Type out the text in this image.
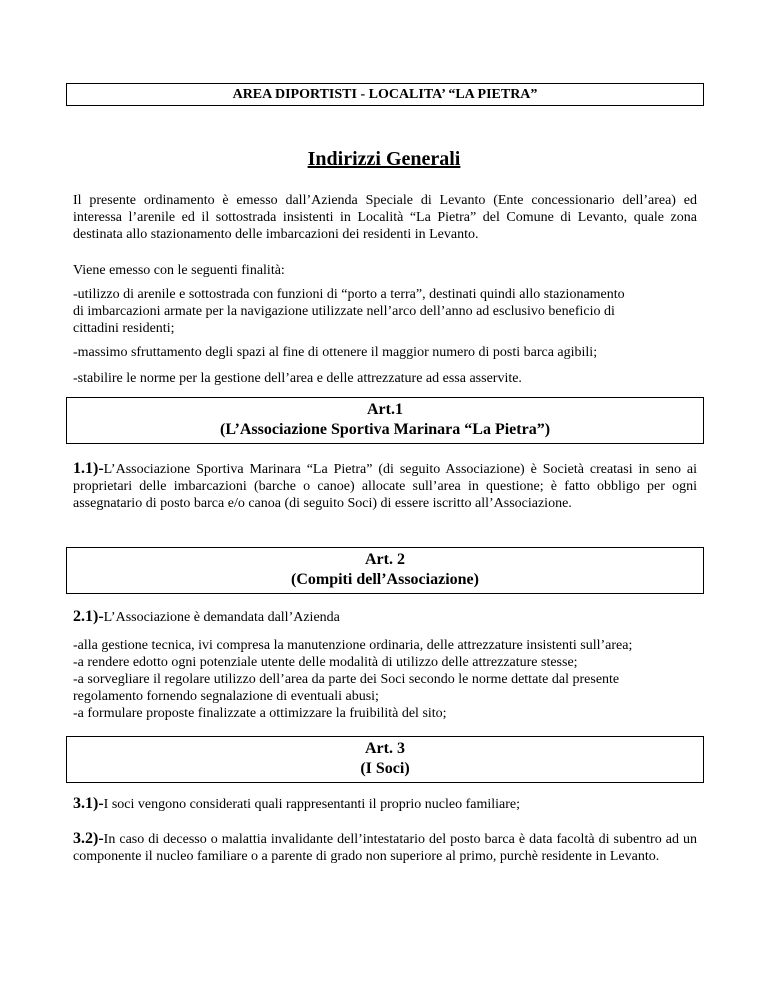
AREA DIPORTISTI - LOCALITA’ “LA PIETRA”
Indirizzi Generali

Il presente ordinamento è emesso dall’Azienda Speciale di Levanto (Ente concessionario dell’area) ed interessa l’arenile ed il sottostrada insistenti in Località “La Pietra” del Comune di Levanto, quale zona destinata allo stazionamento delle imbarcazioni dei residenti in Levanto.

Viene emesso con le seguenti finalità:

-utilizzo di arenile e sottostrada con funzioni di “porto a terra”, destinati quindi allo stazionamento
di imbarcazioni armate per la navigazione utilizzate nell’arco dell’anno ad esclusivo beneficio di
cittadini residenti;
-massimo sfruttamento degli spazi al fine di ottenere il maggior numero di posti barca agibili;
-stabilire le norme per la gestione dell’area e delle attrezzature ad essa asservite.
Art.1
(L’Associazione Sportiva Marinara “La Pietra”)

1.1)-L’Associazione Sportiva Marinara “La Pietra” (di seguito Associazione) è Società creatasi in seno ai proprietari delle imbarcazioni (barche o canoe) allocate sull’area in questione; è fatto obbligo per ogni assegnatario di posto barca e/o canoa (di seguito Soci) di essere iscritto all’Associazione.

Art. 2
(Compiti dell’Associazione)

2.1)-L’Associazione è demandata dall’Azienda

-alla gestione tecnica, ivi compresa la manutenzione ordinaria, delle attrezzature insistenti sull’area;
-a rendere edotto ogni potenziale utente delle modalità di utilizzo delle attrezzature stesse;
-a sorvegliare il regolare utilizzo dell’area da parte dei Soci secondo le norme dettate dal presente
regolamento fornendo segnalazione di eventuali abusi;
-a formulare proposte finalizzate a ottimizzare la fruibilità del sito;
Art. 3
(I Soci)

3.1)-I soci vengono considerati quali rappresentanti il proprio nucleo familiare;

3.2)-In caso di decesso o malattia invalidante dell’intestatario del posto barca è data facoltà di subentro ad un componente il nucleo familiare o a parente di grado non superiore al primo, purchè residente in Levanto.
